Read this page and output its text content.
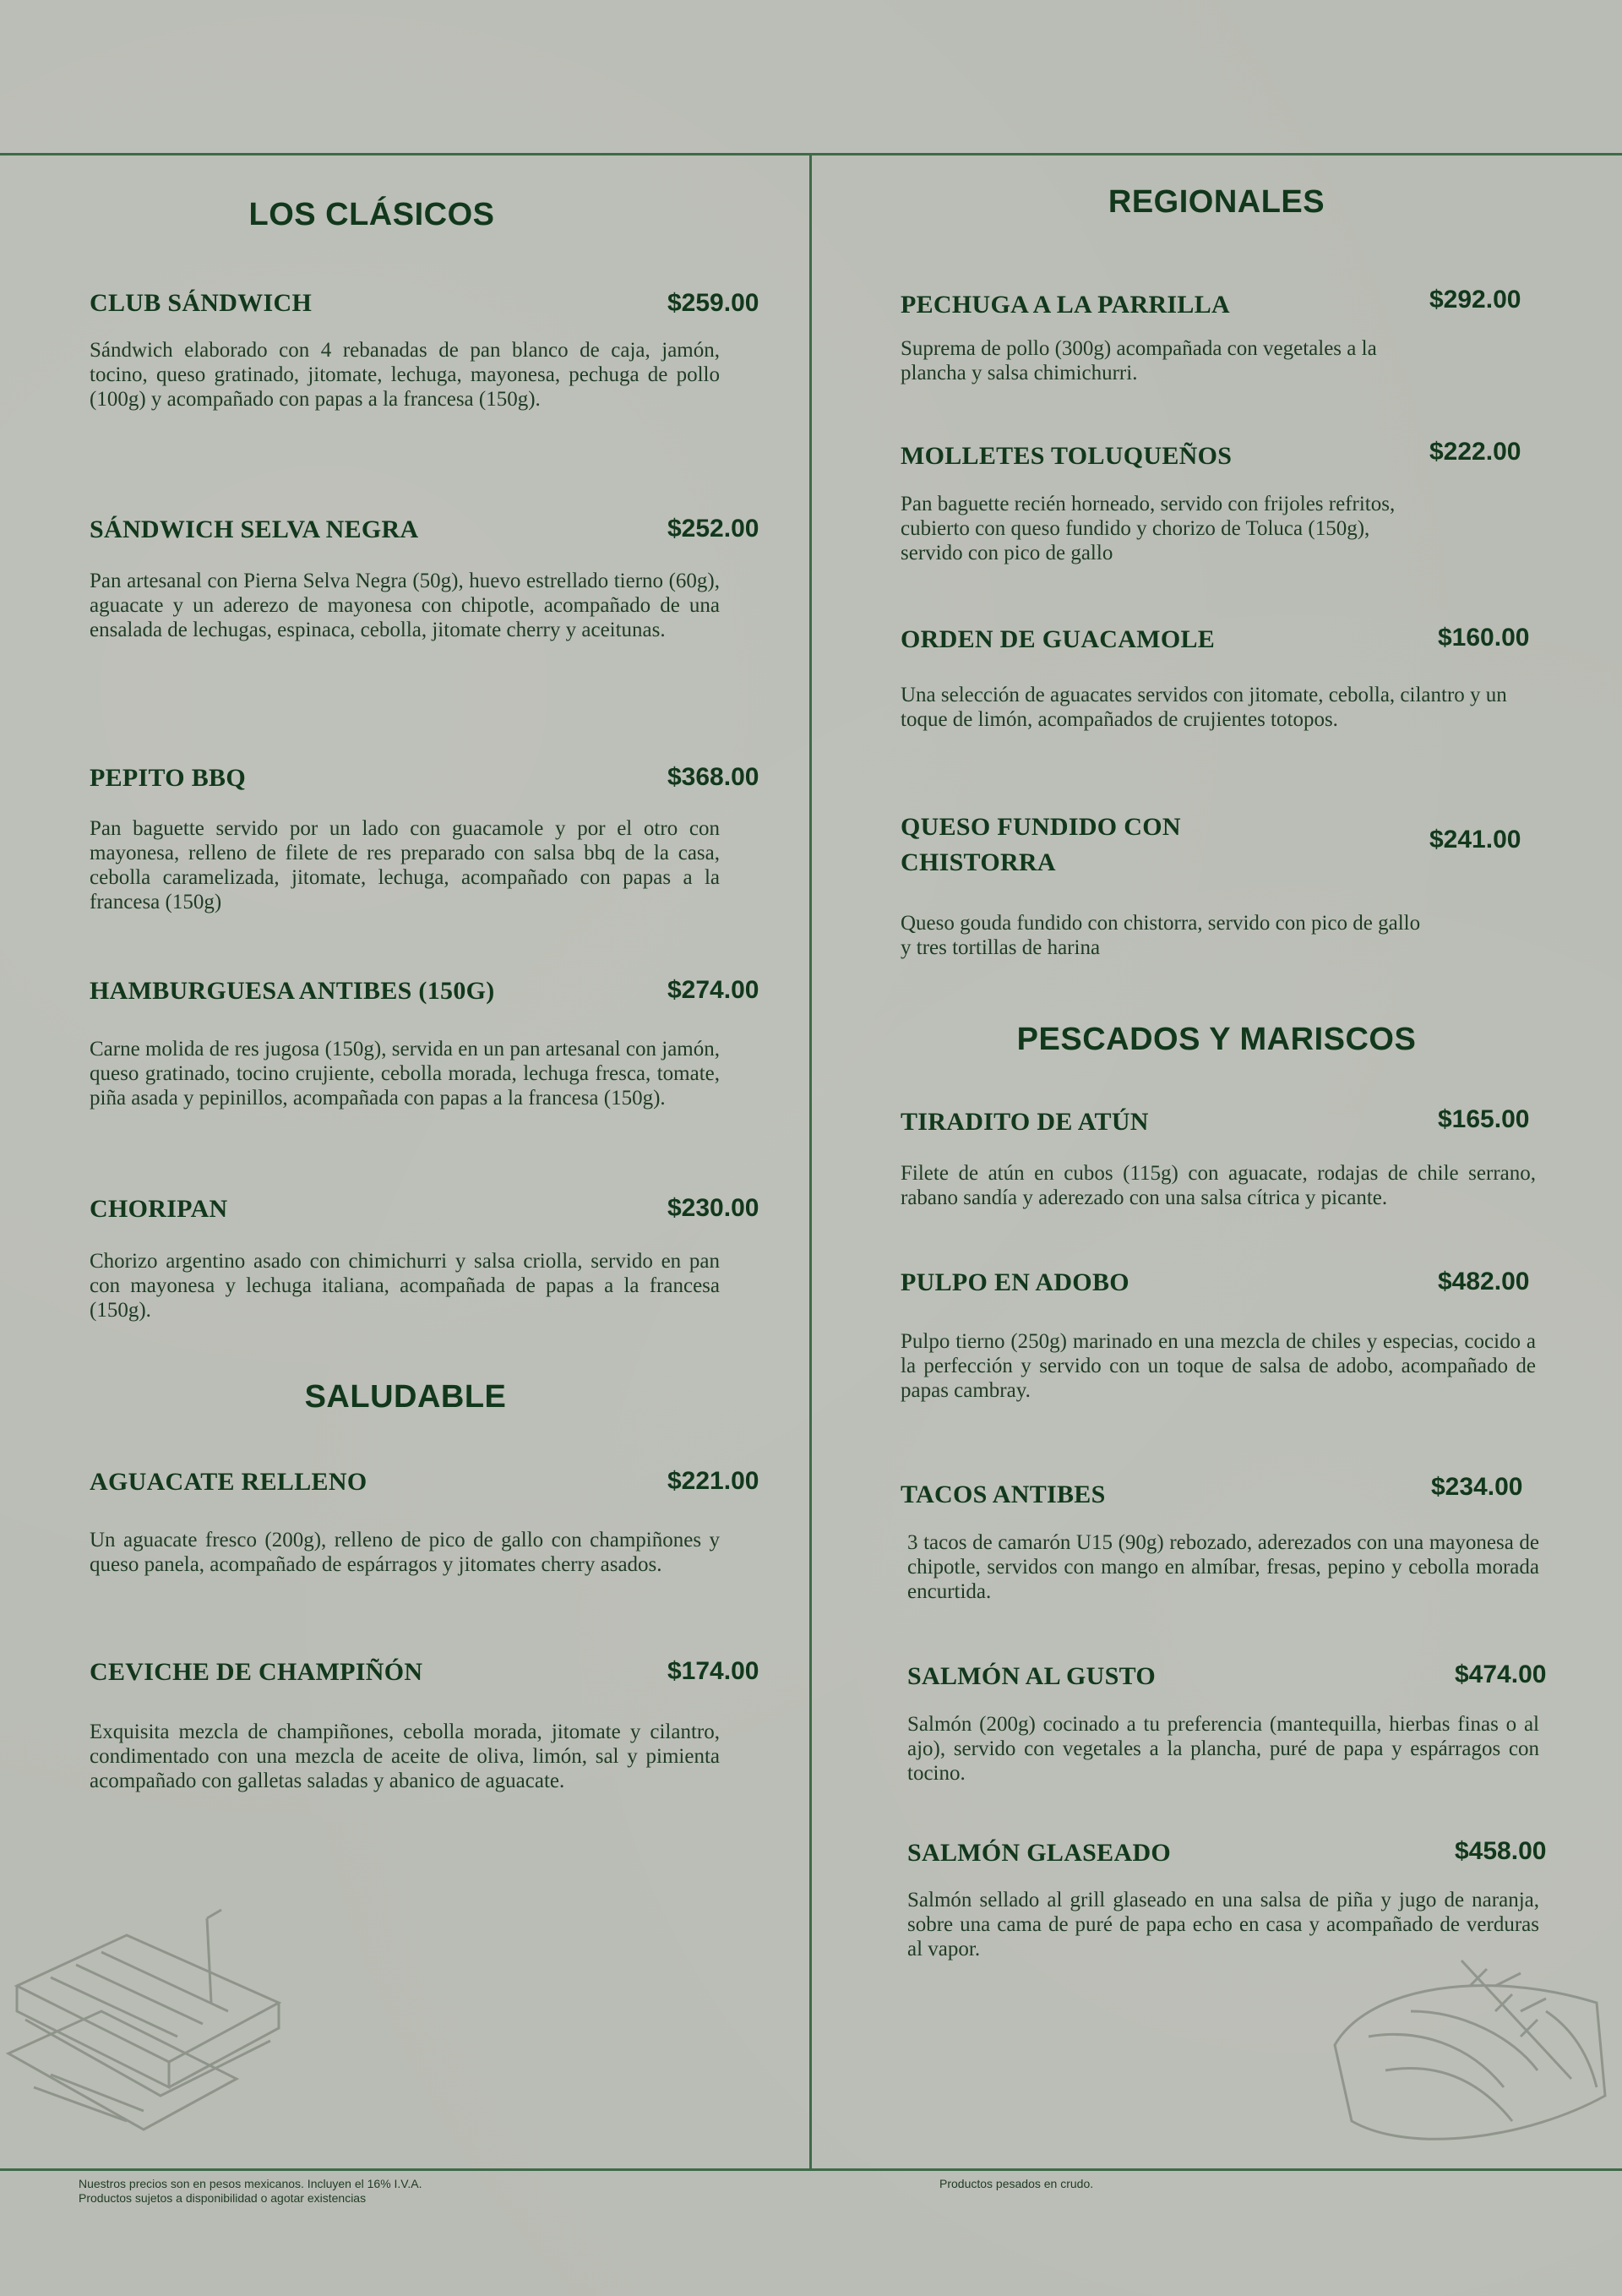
LOS CLÁSICOS
SALUDABLE
REGIONALES
PESCADOS Y MARISCOS
CLUB SÁNDWICH	$259.00
Sándwich elaborado con 4 rebanadas de pan blanco de caja, jamón, tocino, queso gratinado, jitomate, lechuga, mayonesa, pechuga de pollo (100g) y acompañado con papas a la francesa (150g).
SÁNDWICH SELVA NEGRA	$252.00
Pan artesanal con Pierna Selva Negra (50g), huevo estrellado tierno (60g), aguacate y un aderezo de mayonesa con chipotle, acompañado de una ensalada de lechugas, espinaca, cebolla, jitomate cherry y aceitunas.
PEPITO BBQ	$368.00
Pan baguette servido por un lado con guacamole y por el otro con mayonesa, relleno de filete de res preparado con salsa bbq de la casa, cebolla caramelizada, jitomate, lechuga, acompañado con papas a la francesa (150g)
HAMBURGUESA ANTIBES (150G)	$274.00
Carne molida de res jugosa (150g), servida en un pan artesanal con jamón, queso gratinado, tocino crujiente, cebolla morada, lechuga fresca, tomate, piña asada y pepinillos, acompañada con papas a la francesa (150g).
CHORIPAN	$230.00
Chorizo argentino asado con chimichurri y salsa criolla, servido en pan con mayonesa y lechuga italiana, acompañada de papas a la francesa (150g).
AGUACATE RELLENO	$221.00
Un aguacate fresco (200g), relleno de pico de gallo con champiñones y queso panela, acompañado de espárragos y jitomates cherry asados.
CEVICHE DE CHAMPIÑÓN	$174.00
Exquisita mezcla de champiñones, cebolla morada, jitomate y cilantro, condimentado con una mezcla de aceite de oliva, limón, sal y pimienta acompañado con galletas saladas y abanico de aguacate.
PECHUGA A LA PARRILLA	$292.00
Suprema de pollo (300g) acompañada con vegetales a la plancha y salsa chimichurri.
MOLLETES TOLUQUEÑOS	$222.00
Pan baguette recién horneado, servido con frijoles refritos, cubierto con queso fundido y chorizo de Toluca (150g), servido con pico de gallo
ORDEN DE GUACAMOLE	$160.00
Una selección de aguacates servidos con jitomate, cebolla, cilantro y un toque de limón, acompañados de crujientes totopos.
QUESO FUNDIDO CON CHISTORRA
$241.00
Queso gouda fundido con chistorra, servido con pico de gallo y tres tortillas de harina
TIRADITO DE ATÚN	$165.00
Filete de atún en cubos (115g) con aguacate, rodajas de chile serrano, rabano sandía y aderezado con una salsa cítrica y picante.
PULPO EN ADOBO	$482.00
Pulpo tierno (250g) marinado en una mezcla de chiles y especias, cocido a la perfección y servido con un toque de salsa de adobo, acompañado de papas cambray.
TACOS ANTIBES	$234.00
3 tacos de camarón U15 (90g) rebozado, aderezados con una mayonesa de chipotle, servidos con mango en almíbar, fresas, pepino y cebolla morada encurtida.
SALMÓN AL GUSTO	$474.00
Salmón (200g) cocinado a tu preferencia (mantequilla, hierbas finas o al ajo), servido con vegetales a la plancha, puré de papa y espárragos con tocino.
SALMÓN GLASEADO	$458.00
Salmón sellado al grill glaseado en una salsa de piña y jugo de naranja, sobre una cama de puré de papa echo en casa y acompañado de verduras al vapor.
Nuestros precios son en pesos mexicanos. Incluyen el 16% I.V.A.
Productos sujetos a disponibilidad o agotar existencias
Productos pesados en crudo.
